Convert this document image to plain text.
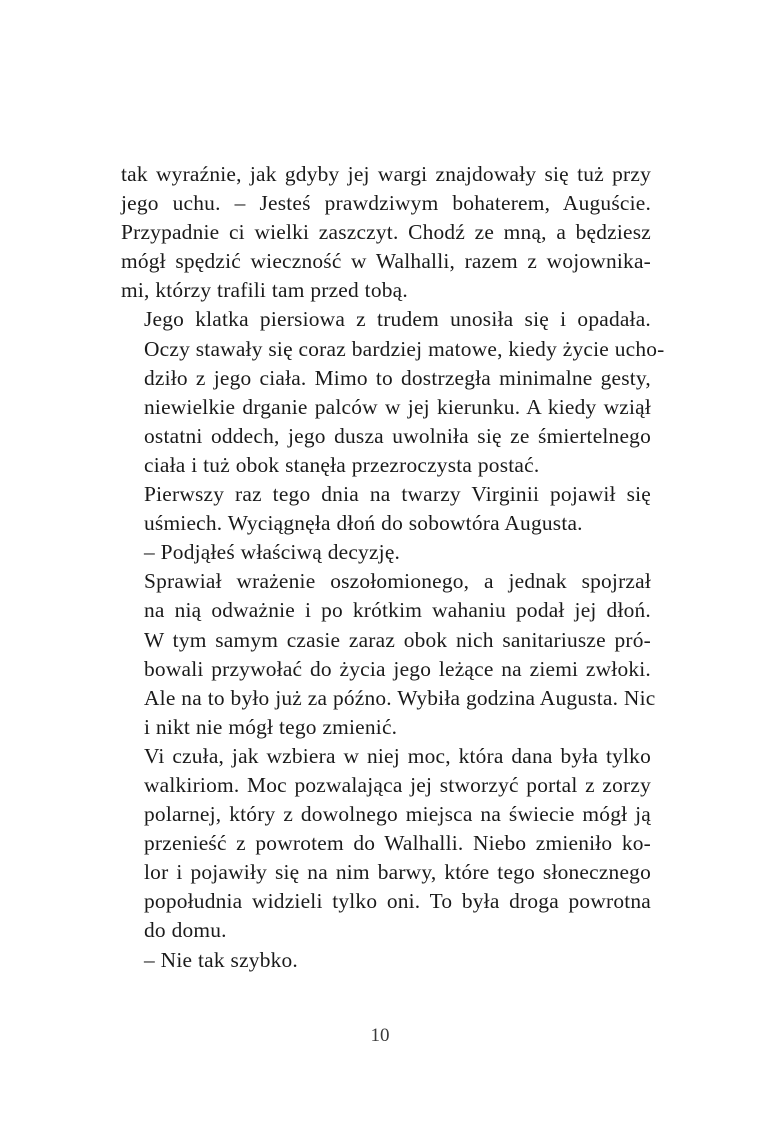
tak wyraźnie, jak gdyby jej wargi znajdowały się tuż przy
jego uchu. – Jesteś prawdziwym bohaterem, Auguście.
Przypadnie ci wielki zaszczyt. Chodź ze mną, a będziesz
mógł spędzić wieczność w Walhalli, razem z wojownika-
mi, którzy trafili tam przed tobą.

Jego klatka piersiowa z trudem unosiła się i opadała.
Oczy stawały się coraz bardziej matowe, kiedy życie ucho-
dziło z jego ciała. Mimo to dostrzegła minimalne gesty,
niewielkie drganie palców w jej kierunku. A kiedy wziął
ostatni oddech, jego dusza uwolniła się ze śmiertelnego
ciała i tuż obok stanęła przezroczysta postać.

Pierwszy raz tego dnia na twarzy Virginii pojawił się
uśmiech. Wyciągnęła dłoń do sobowtóra Augusta.

– Podjąłeś właściwą decyzję.

Sprawiał wrażenie oszołomionego, a jednak spojrzał
na nią odważnie i po krótkim wahaniu podał jej dłoń.
W tym samym czasie zaraz obok nich sanitariusze pró-
bowali przywołać do życia jego leżące na ziemi zwłoki.
Ale na to było już za późno. Wybiła godzina Augusta. Nic
i nikt nie mógł tego zmienić.

Vi czuła, jak wzbiera w niej moc, która dana była tylko
walkiriom. Moc pozwalająca jej stworzyć portal z zorzy
polarnej, który z dowolnego miejsca na świecie mógł ją
przenieść z powrotem do Walhalli. Niebo zmieniło ko-
lor i pojawiły się na nim barwy, które tego słonecznego
popołudnia widzieli tylko oni. To była droga powrotna
do domu.

– Nie tak szybko.

10
